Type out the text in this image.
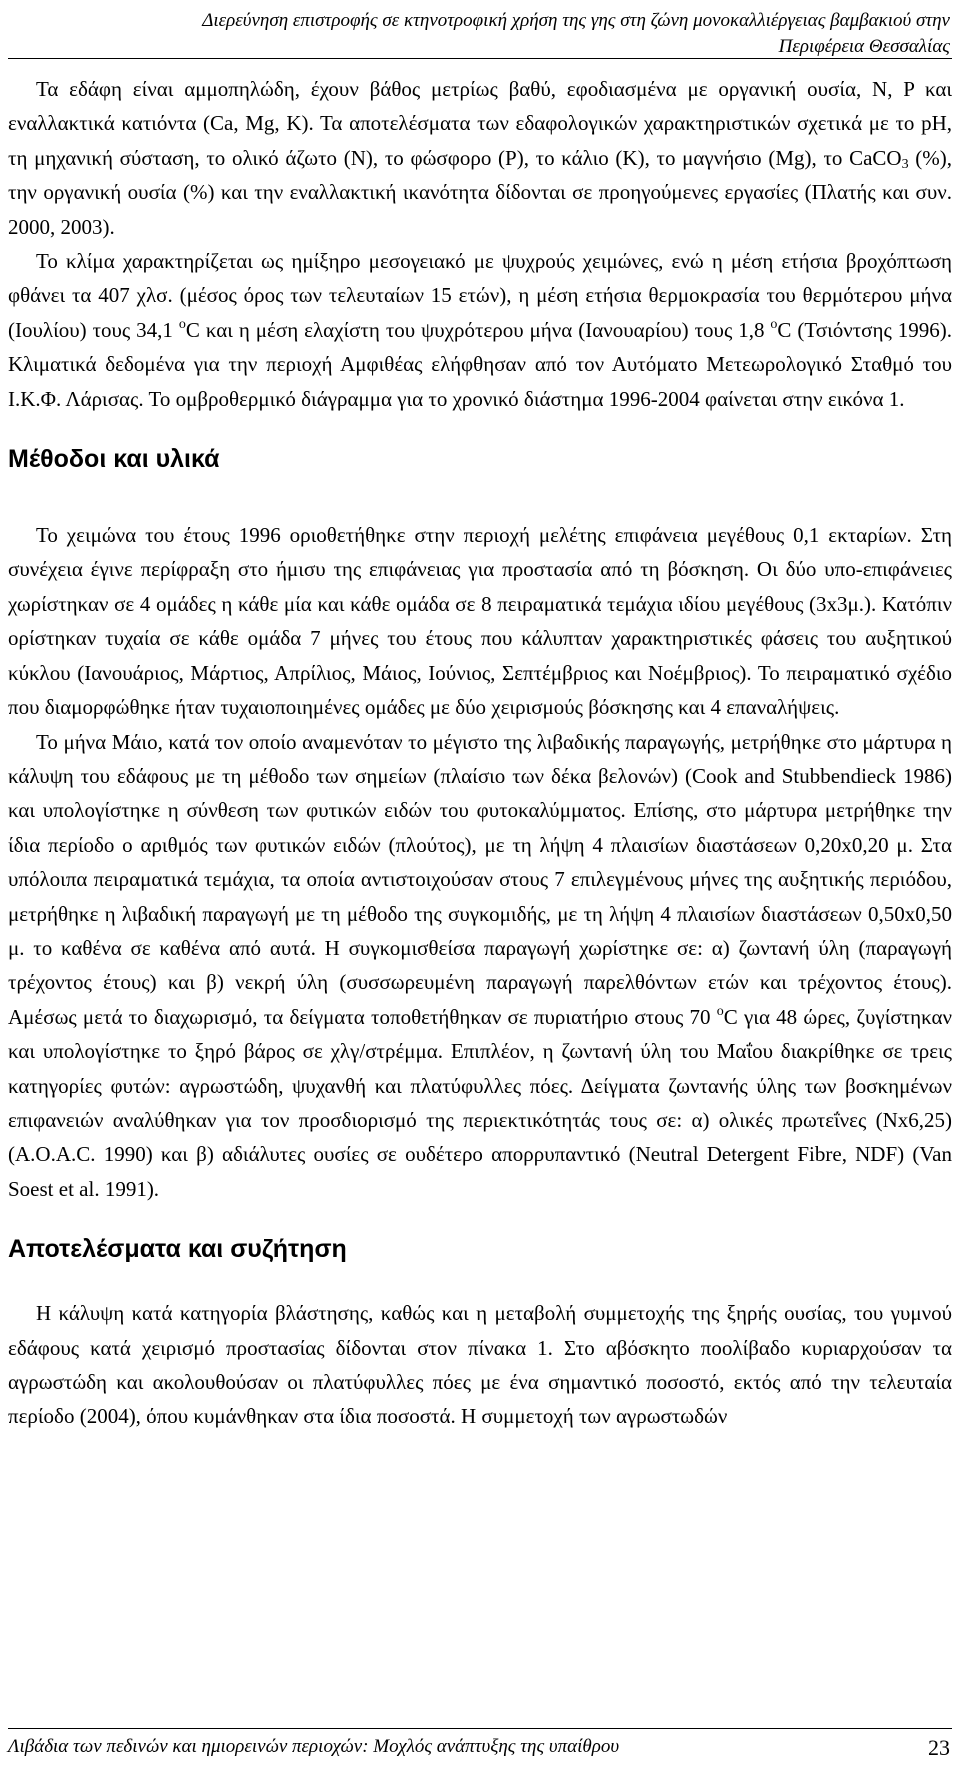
Διερεύνηση επιστροφής σε κτηνοτροφική χρήση της γης στη ζώνη μονοκαλλιέργειας βαμβακιού στην
Περιφέρεια Θεσσαλίας

Τα εδάφη είναι αμμοπηλώδη, έχουν βάθος μετρίως βαθύ, εφοδιασμένα με οργανική ουσία, N, P και εναλλακτικά κατιόντα (Ca, Mg, K). Τα αποτελέσματα των εδαφολογικών χαρακτηριστικών σχετικά με το pH, τη μηχανική σύσταση, το ολικό άζωτο (N), το φώσφορο (P), το κάλιο (K), το μαγνήσιο (Mg), το CaCO$_3$ (%), την οργανική ουσία (%) και την εναλλακτική ικανότητα δίδονται σε προηγούμενες εργασίες (Πλατής και συν. 2000, 2003).

Το κλίμα χαρακτηρίζεται ως ημίξηρο μεσογειακό με ψυχρούς χειμώνες, ενώ η μέση ετήσια βροχόπτωση φθάνει τα 407 χλσ. (μέσος όρος των τελευταίων 15 ετών), η μέση ετήσια θερμοκρασία του θερμότερου μήνα (Ιουλίου) τους 34,1 $^o$C και η μέση ελαχίστη του ψυχρότερου μήνα (Ιανουαρίου) τους 1,8 $^o$C (Τσιόντσης 1996). Κλιματικά δεδομένα για την περιοχή Αμφιθέας ελήφθησαν από τον Αυτόματο Μετεωρολογικό Σταθμό του Ι.Κ.Φ. Λάρισας. Το ομβροθερμικό διάγραμμα για το χρονικό διάστημα 1996-2004 φαίνεται στην εικόνα 1.

Μέθοδοι και υλικά

Το χειμώνα του έτους 1996 οριοθετήθηκε στην περιοχή μελέτης επιφάνεια μεγέθους 0,1 εκταρίων. Στη συνέχεια έγινε περίφραξη στο ήμισυ της επιφάνειας για προστασία από τη βόσκηση. Οι δύο υπο-επιφάνειες χωρίστηκαν σε 4 ομάδες η κάθε μία και κάθε ομάδα σε 8 πειραματικά τεμάχια ιδίου μεγέθους (3x3μ.). Κατόπιν ορίστηκαν τυχαία σε κάθε ομάδα 7 μήνες του έτους που κάλυπταν χαρακτηριστικές φάσεις του αυξητικού κύκλου (Ιανουάριος, Μάρτιος, Απρίλιος, Μάιος, Ιούνιος, Σεπτέμβριος και Νοέμβριος). Το πειραματικό σχέδιο που διαμορφώθηκε ήταν τυχαιοποιημένες ομάδες με δύο χειρισμούς βόσκησης και 4 επαναλήψεις.

Το μήνα Μάιο, κατά τον οποίο αναμενόταν το μέγιστο της λιβαδικής παραγωγής, μετρήθηκε στο μάρτυρα η κάλυψη του εδάφους με τη μέθοδο των σημείων (πλαίσιο των δέκα βελονών) (Cook and Stubbendieck 1986) και υπολογίστηκε η σύνθεση των φυτικών ειδών του φυτοκαλύμματος. Επίσης, στο μάρτυρα μετρήθηκε την ίδια περίοδο ο αριθμός των φυτικών ειδών (πλούτος), με τη λήψη 4 πλαισίων διαστάσεων 0,20x0,20 μ. Στα υπόλοιπα πειραματικά τεμάχια, τα οποία αντιστοιχούσαν στους 7 επιλεγμένους μήνες της αυξητικής περιόδου, μετρήθηκε η λιβαδική παραγωγή με τη μέθοδο της συγκομιδής, με τη λήψη 4 πλαισίων διαστάσεων 0,50x0,50 μ. το καθένα σε καθένα από αυτά. Η συγκομισθείσα παραγωγή χωρίστηκε σε: α) ζωντανή ύλη (παραγωγή τρέχοντος έτους) και β) νεκρή ύλη (συσσωρευμένη παραγωγή παρελθόντων ετών και τρέχοντος έτους). Αμέσως μετά το διαχωρισμό, τα δείγματα τοποθετήθηκαν σε πυριατήριο στους 70 $^o$C για 48 ώρες, ζυγίστηκαν και υπολογίστηκε το ξηρό βάρος σε χλγ/στρέμμα. Επιπλέον, η ζωντανή ύλη του Μαΐου διακρίθηκε σε τρεις κατηγορίες φυτών: αγρωστώδη, ψυχανθή και πλατύφυλλες πόες. Δείγματα ζωντανής ύλης των βοσκημένων επιφανειών αναλύθηκαν για τον προσδιορισμό της περιεκτικότητάς τους σε: α) ολικές πρωτεΐνες (Nx6,25) (A.O.A.C. 1990) και β) αδιάλυτες ουσίες σε ουδέτερο απορρυπαντικό (Neutral Detergent Fibre, NDF) (Van Soest et al. 1991).

Αποτελέσματα και συζήτηση

Η κάλυψη κατά κατηγορία βλάστησης, καθώς και η μεταβολή συμμετοχής της ξηρής ουσίας, του γυμνού εδάφους κατά χειρισμό προστασίας δίδονται στον πίνακα 1. Στο αβόσκητο ποολίβαδο κυριαρχούσαν τα αγρωστώδη και ακολουθούσαν οι πλατύφυλλες πόες με ένα σημαντικό ποσοστό, εκτός από την τελευταία περίοδο (2004), όπου κυμάνθηκαν στα ίδια ποσοστά. Η συμμετοχή των αγρωστωδών

Λιβάδια των πεδινών και ημιορεινών περιοχών: Μοχλός ανάπτυξης της υπαίθρου	23
